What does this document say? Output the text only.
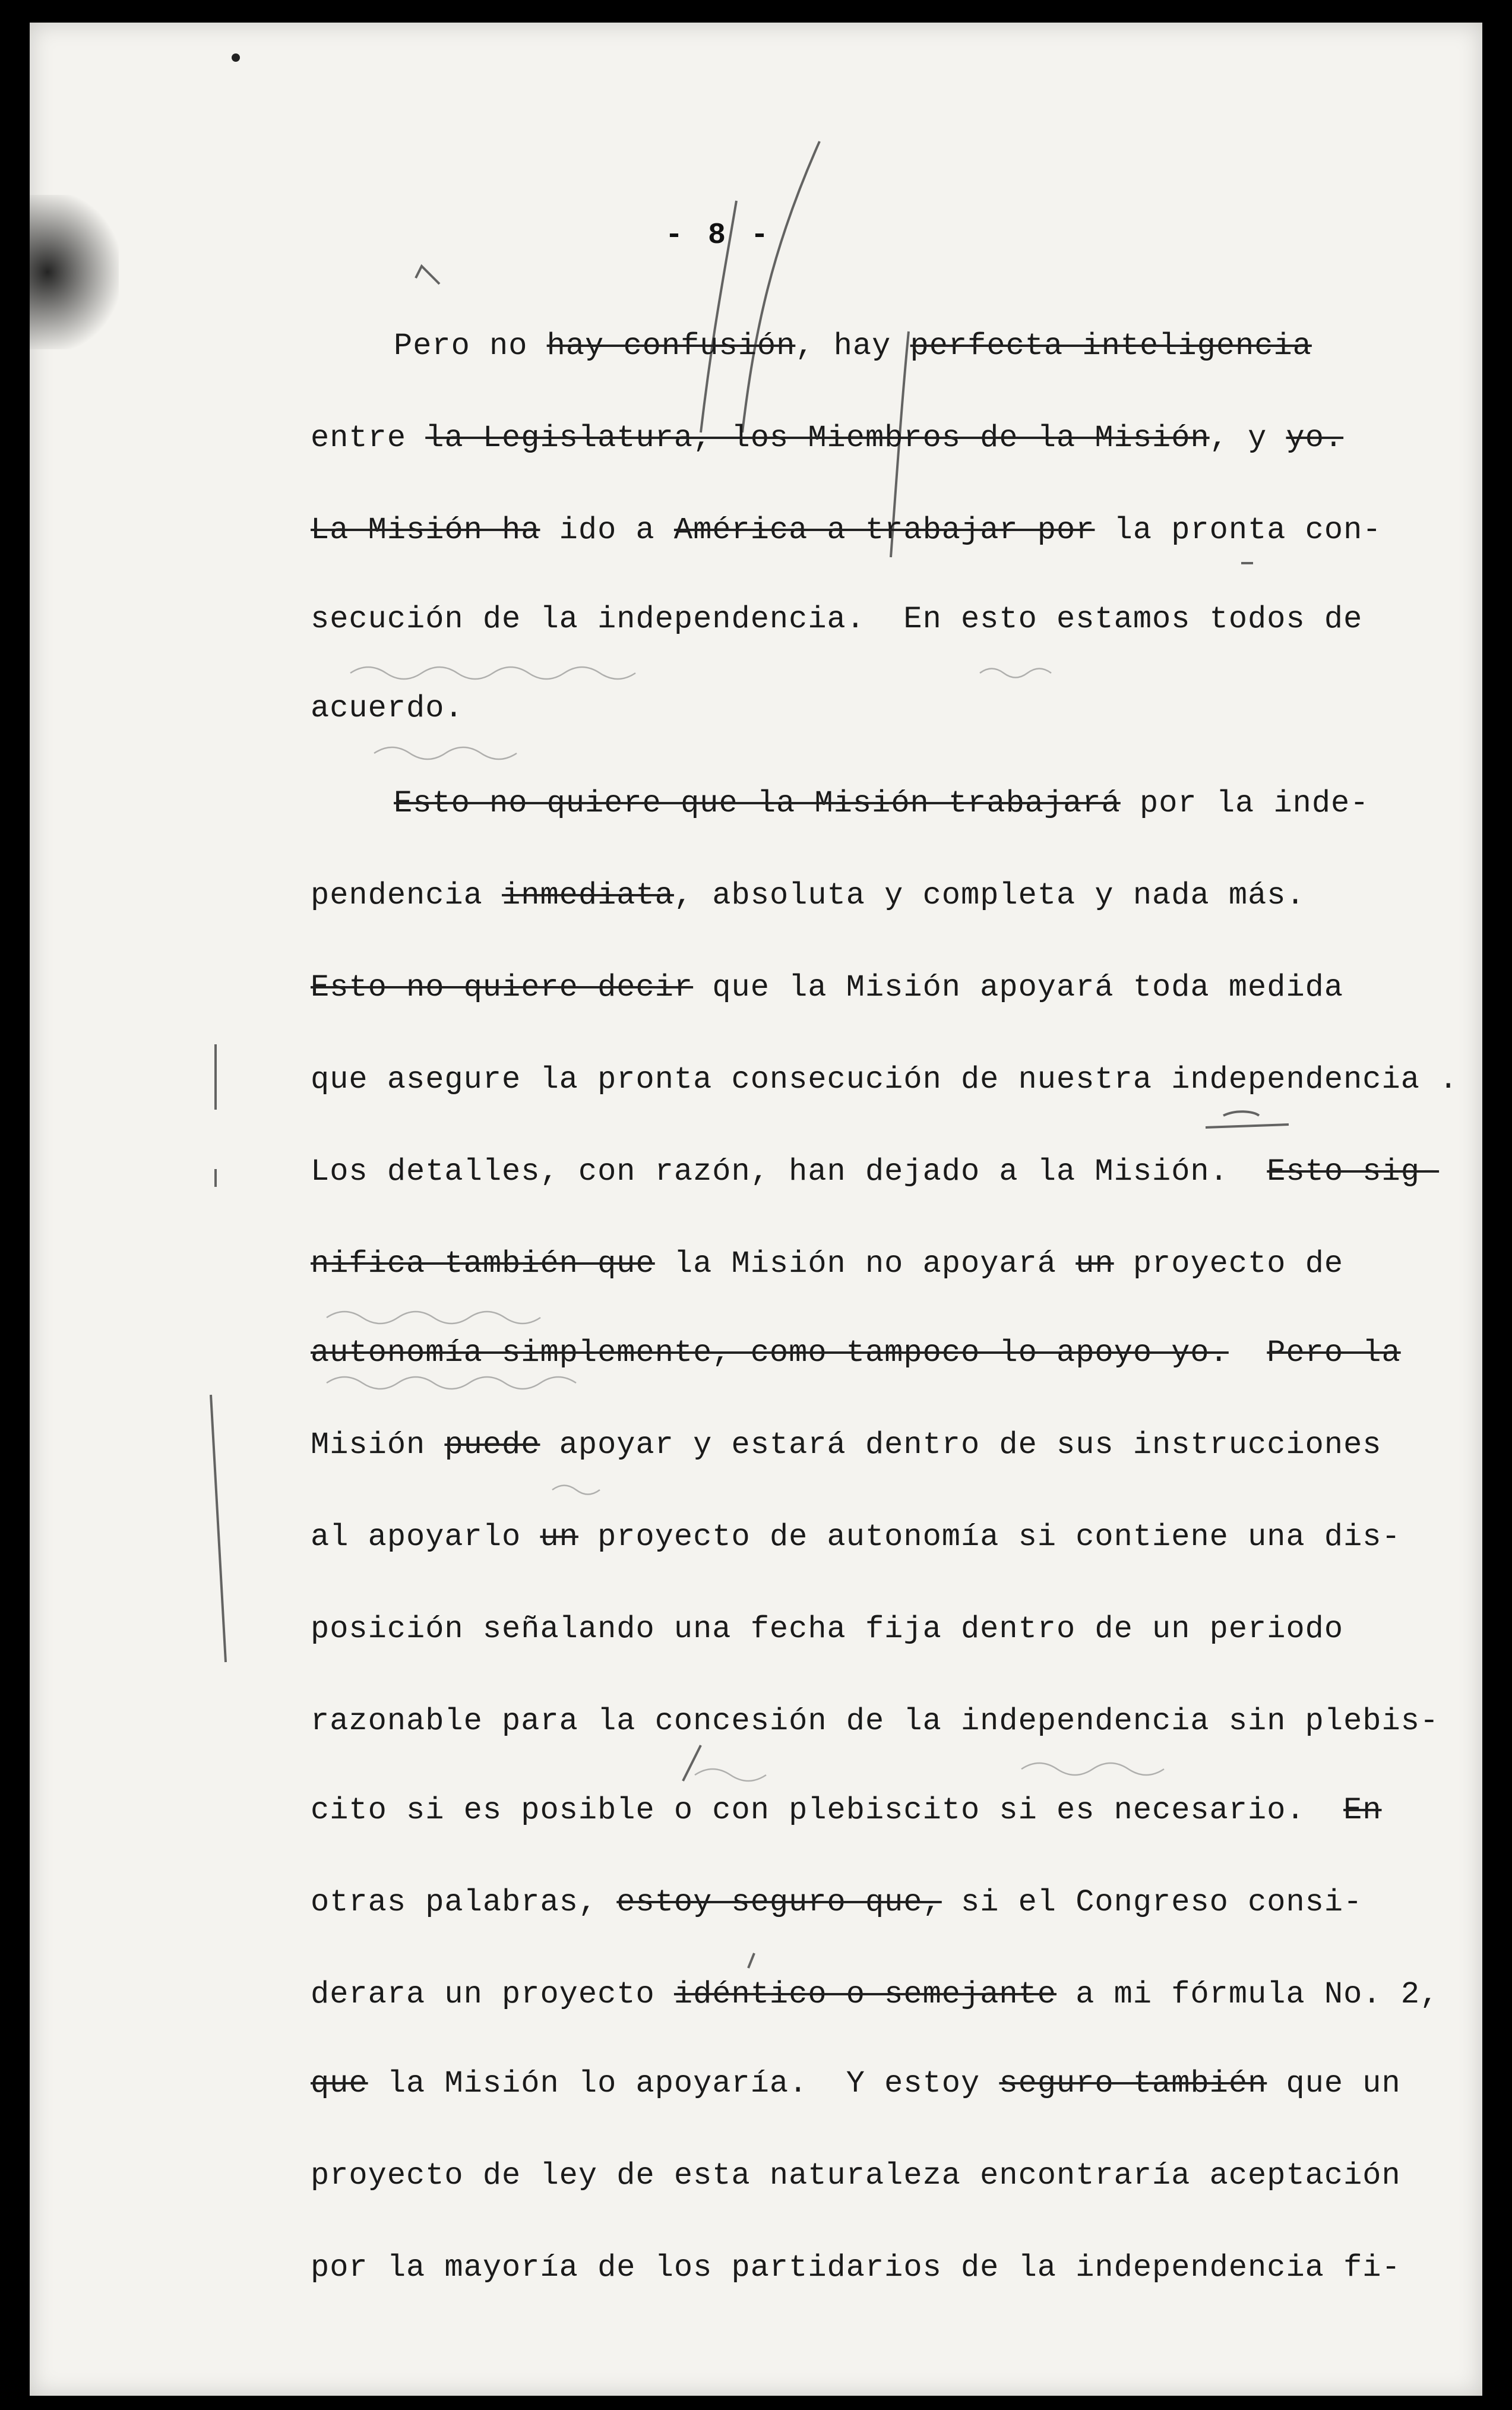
- 8 -
Pero no hay confusión, hay perfecta inteligencia
entre la Legislatura, los Miembros de la Misión, y yo.
La Misión ha ido a América a trabajar por la pronta con-
secución de la independencia.  En esto estamos todos de
acuerdo.
Esto no quiere que la Misión trabajará por la inde-
pendencia inmediata, absoluta y completa y nada más.
Esto no quiere decir que la Misión apoyará toda medida
que asegure la pronta consecución de nuestra independencia .
Los detalles, con razón, han dejado a la Misión.  Esto sig-
nifica también que la Misión no apoyará un proyecto de
autonomía simplemente, como tampoco lo apoyo yo. Pero la
Misión puede apoyar y estará dentro de sus instrucciones
al apoyarlo un proyecto de autonomía si contiene una dis-
posición señalando una fecha fija dentro de un periodo
razonable para la concesión de la independencia sin plebis-
cito si es posible o con plebiscito si es necesario.  En
otras palabras, estoy seguro que, si el Congreso consi-
derara un proyecto idéntico o semejante a mi fórmula No. 2,
que la Misión lo apoyaría.  Y estoy seguro también que un
proyecto de ley de esta naturaleza encontraría aceptación
por la mayoría de los partidarios de la independencia fi-
